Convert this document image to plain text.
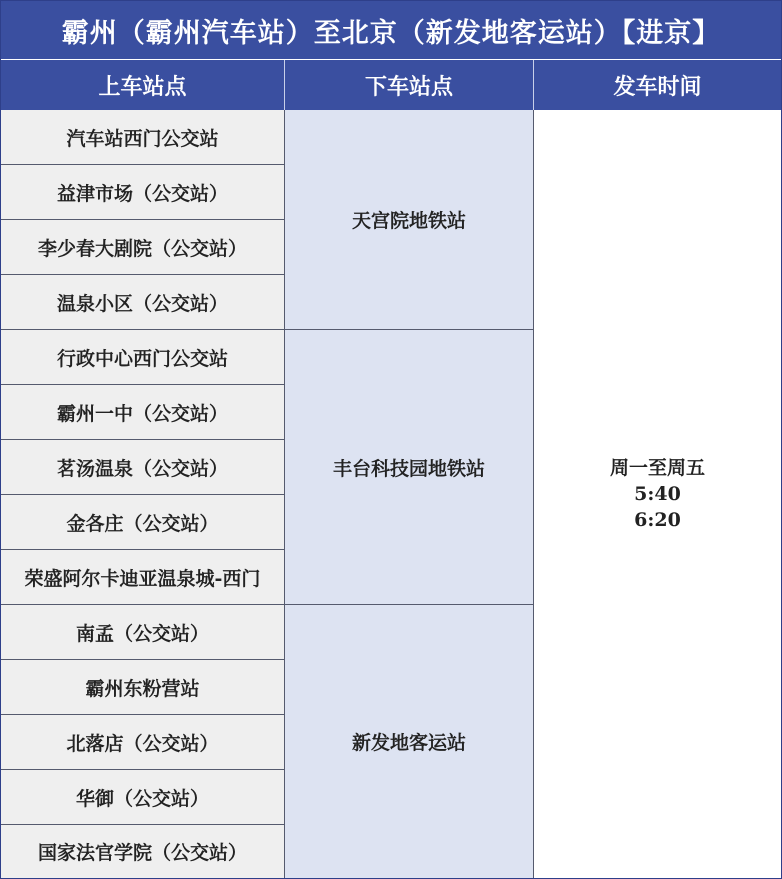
霸州（霸州汽车站）至北京（新发地客运站）【进京】
上车站点	下车站点	发车时间
汽车站西门公交站
益津市场（公交站）
李少春大剧院（公交站）
温泉小区（公交站）
天宫院地铁站
行政中心西门公交站
霸州一中（公交站）
茗汤温泉（公交站）
金各庄（公交站）
荣盛阿尔卡迪亚温泉城-西门
丰台科技园地铁站
南孟（公交站）
霸州东粉营站
北落店（公交站）
华御（公交站）
国家法官学院（公交站）
新发地客运站
周一至周五
5:40
6:20
